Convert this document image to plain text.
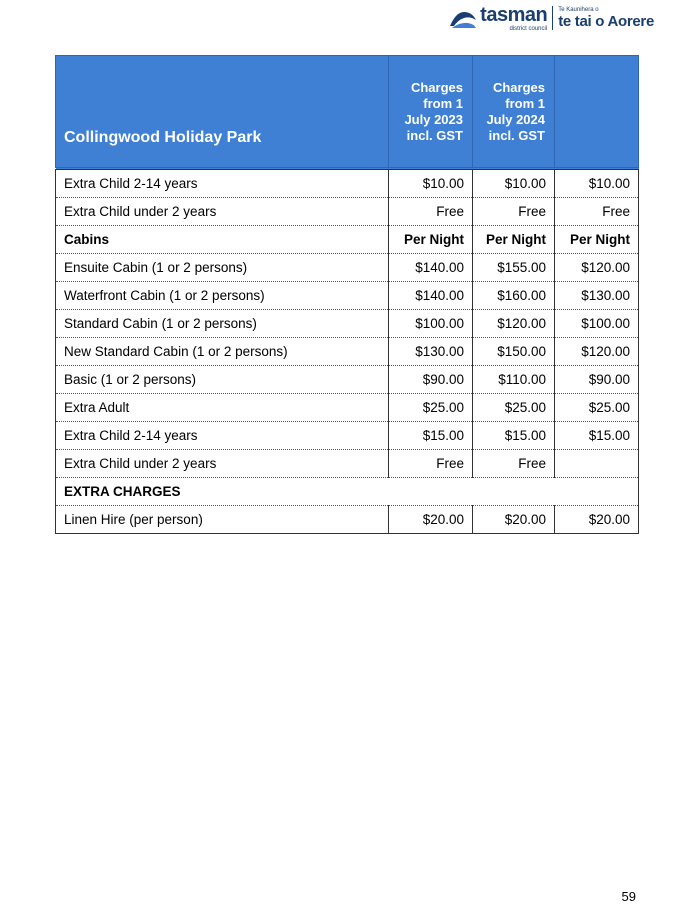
tasman
district council
Te Kaunihera o
te tai o Aorere
Collingwood Holiday Park	Charges from 1 July 2023 incl. GST	Charges from 1 July 2024 incl. GST	

Extra Child 2-14 years	$10.00	$10.00	$10.00
Extra Child under 2 years	Free	Free	Free
Cabins	Per Night	Per Night	Per Night
Ensuite Cabin (1 or 2 persons)	$140.00	$155.00	$120.00
Waterfront Cabin (1 or 2 persons)	$140.00	$160.00	$130.00
Standard Cabin (1 or 2 persons)	$100.00	$120.00	$100.00
New Standard Cabin (1 or 2 persons)	$130.00	$150.00	$120.00
Basic (1 or 2 persons)	$90.00	$110.00	$90.00
Extra Adult	$25.00	$25.00	$25.00
Extra Child 2-14 years	$15.00	$15.00	$15.00
Extra Child under 2 years	Free	Free	
EXTRA CHARGES			
Linen Hire (per person)	$20.00	$20.00	$20.00
59
